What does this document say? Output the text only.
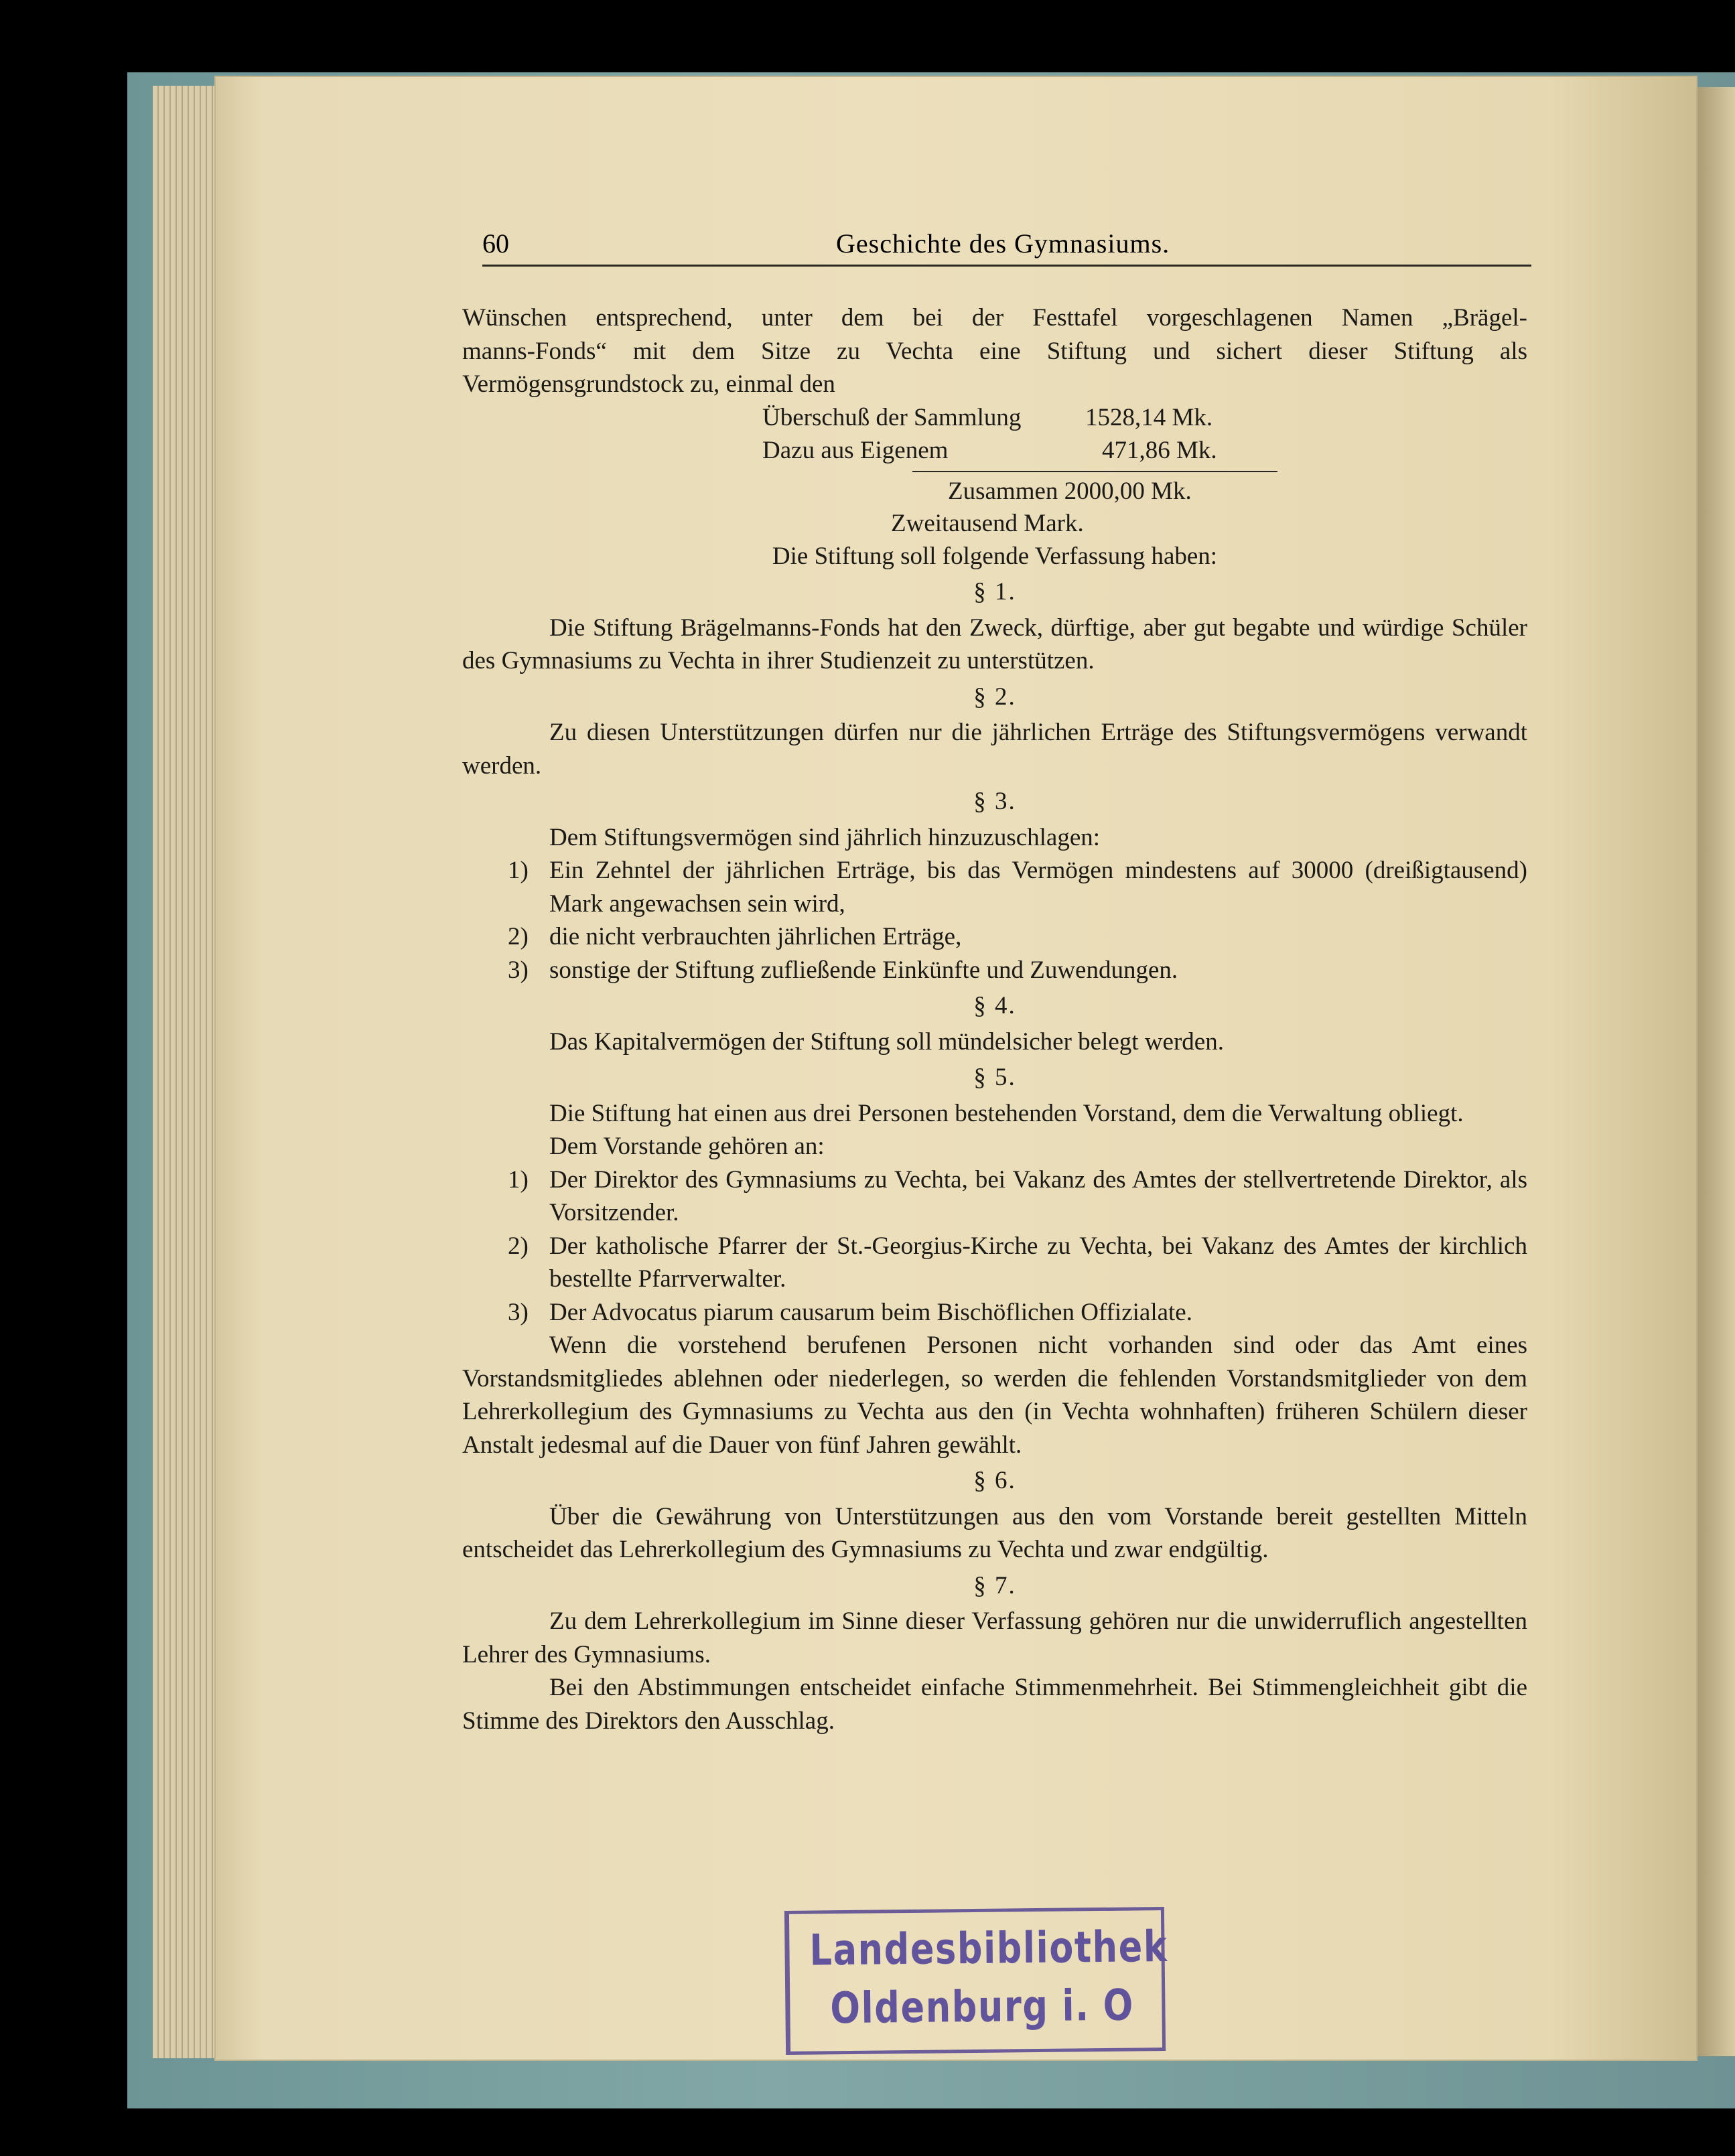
60	Geschichte des Gymnasiums.
Wünschen entsprechend, unter dem bei der Festtafel vorgeschlagenen Namen „Brägel-
manns-Fonds“ mit dem Sitze zu Vechta eine Stiftung und sichert dieser Stiftung als
Vermögensgrundstock zu, einmal den
Überschuß der Sammlung	1528,14 Mk.
Dazu aus Eigenem	471,86 Mk.
Zusammen 2000,00 Mk.
Zweitausend Mark.
Die Stiftung soll folgende Verfassung haben:
§ 1.

Die Stiftung Brägelmanns-Fonds hat den Zweck, dürftige, aber gut begabte und würdige Schüler des Gymnasiums zu Vechta in ihrer Studienzeit zu unterstützen.

§ 2.

Zu diesen Unterstützungen dürfen nur die jährlichen Erträge des Stiftungsvermögens verwandt werden.

§ 3.

Dem Stiftungsvermögen sind jährlich hinzuzuschlagen:

1) Ein Zehntel der jährlichen Erträge, bis das Vermögen mindestens auf 30000 (dreißigtausend) Mark angewachsen sein wird,
2) die nicht verbrauchten jährlichen Erträge,
3) sonstige der Stiftung zufließende Einkünfte und Zuwendungen.
§ 4.

Das Kapitalvermögen der Stiftung soll mündelsicher belegt werden.

§ 5.

Die Stiftung hat einen aus drei Personen bestehenden Vorstand, dem die Verwaltung obliegt.

Dem Vorstande gehören an:

1) Der Direktor des Gymnasiums zu Vechta, bei Vakanz des Amtes der stellvertretende Direktor, als Vorsitzender.
2) Der katholische Pfarrer der St.-Georgius-Kirche zu Vechta, bei Vakanz des Amtes der kirchlich bestellte Pfarrverwalter.
3) Der Advocatus piarum causarum beim Bischöflichen Offizialate.

Wenn die vorstehend berufenen Personen nicht vorhanden sind oder das Amt eines Vorstandsmitgliedes ablehnen oder niederlegen, so werden die fehlenden Vorstandsmitglieder von dem Lehrerkollegium des Gymnasiums zu Vechta aus den (in Vechta wohnhaften) früheren Schülern dieser Anstalt jedesmal auf die Dauer von fünf Jahren gewählt.

§ 6.

Über die Gewährung von Unterstützungen aus den vom Vorstande bereit gestellten Mitteln entscheidet das Lehrerkollegium des Gymnasiums zu Vechta und zwar endgültig.

§ 7.

Zu dem Lehrerkollegium im Sinne dieser Verfassung gehören nur die unwiderruflich angestellten Lehrer des Gymnasiums.

Bei den Abstimmungen entscheidet einfache Stimmenmehrheit. Bei Stimmengleichheit gibt die Stimme des Direktors den Ausschlag.

Landesbibliothek
Oldenburg i. O
